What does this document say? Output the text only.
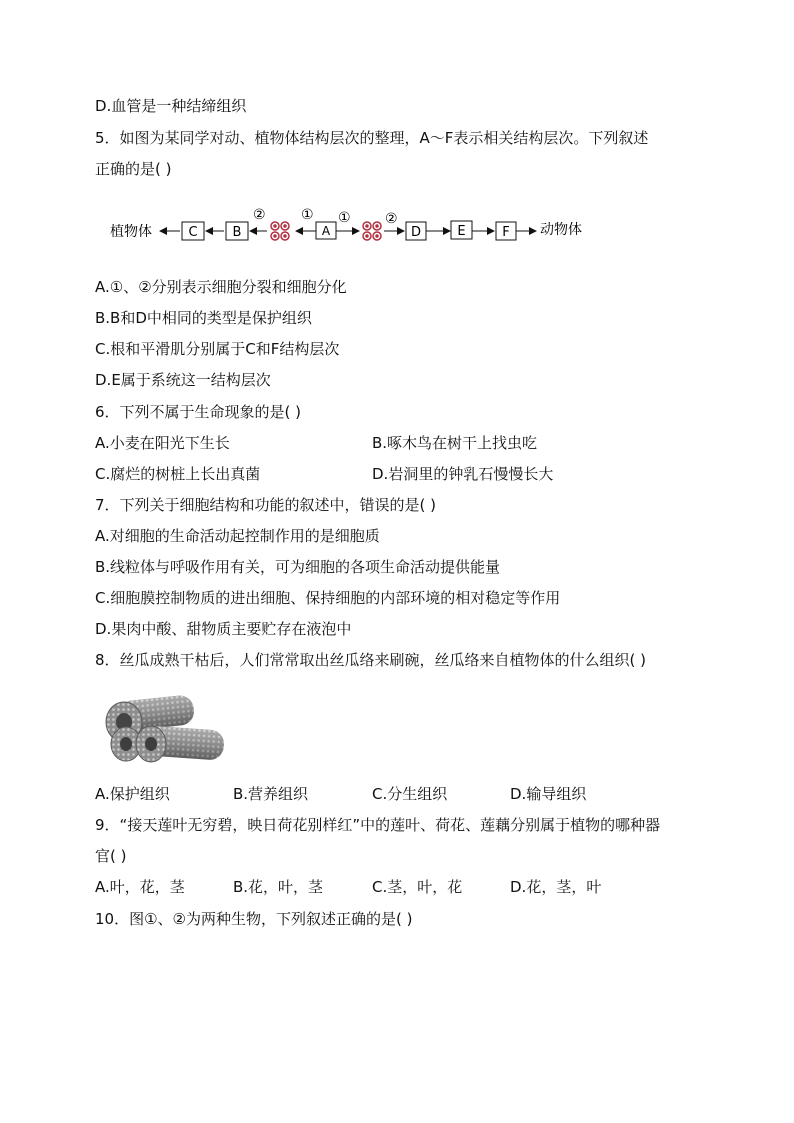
D.血管是一种结缔组织
5．如图为某同学对动、植物体结构层次的整理，A～F表示相关结构层次。下列叙述
正确的是( )
植物体	动物体
C	B	A	D	E	F
②	① ① ②
A.①、②分别表示细胞分裂和细胞分化
B.B和D中相同的类型是保护组织
C.根和平滑肌分别属于C和F结构层次
D.E属于系统这一结构层次
6．下列不属于生命现象的是( )
A.小麦在阳光下生长	B.啄木鸟在树干上找虫吃
C.腐烂的树桩上长出真菌	D.岩洞里的钟乳石慢慢长大
7．下列关于细胞结构和功能的叙述中，错误的是( )
A.对细胞的生命活动起控制作用的是细胞质
B.线粒体与呼吸作用有关，可为细胞的各项生命活动提供能量
C.细胞膜控制物质的进出细胞、保持细胞的内部环境的相对稳定等作用
D.果肉中酸、甜物质主要贮存在液泡中
8．丝瓜成熟干枯后，人们常常取出丝瓜络来刷碗，丝瓜络来自植物体的什么组织( )
A.保护组织	B.营养组织	C.分生组织	D.输导组织
9．“接天莲叶无穷碧，映日荷花别样红”中的莲叶、荷花、莲藕分别属于植物的哪种器
官( )
A.叶，花，茎	B.花，叶，茎	C.茎，叶，花	D.花，茎，叶
10．图①、②为两种生物，下列叙述正确的是( )
